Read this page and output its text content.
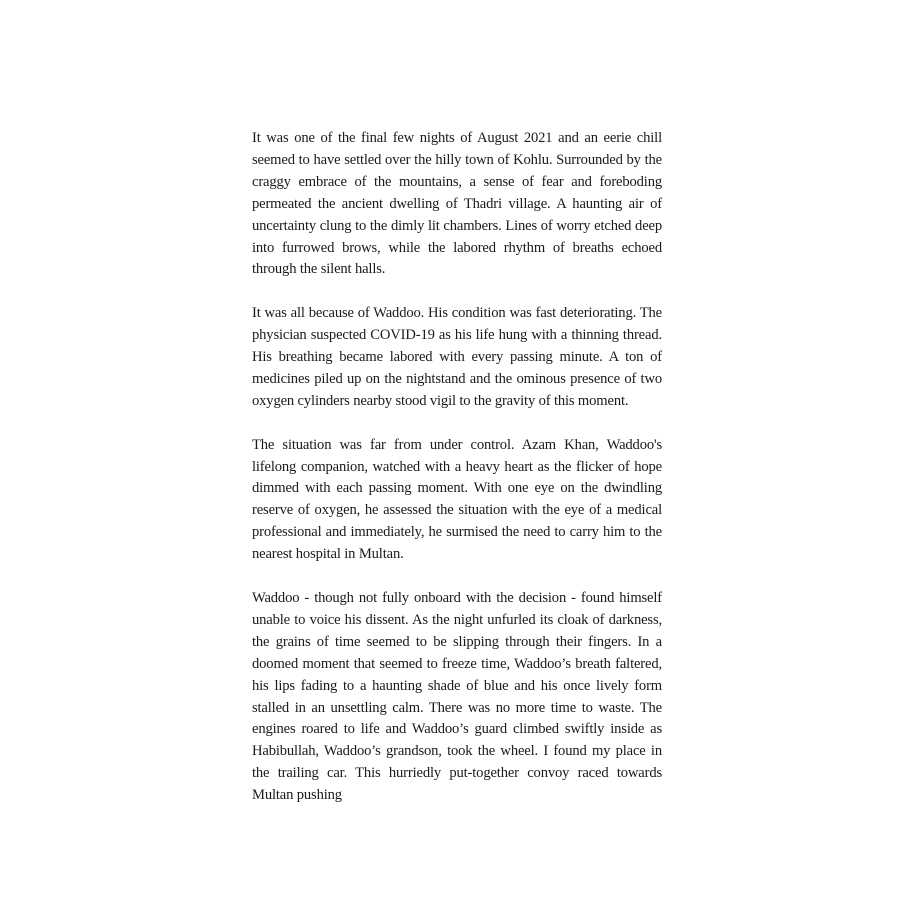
It was one of the final few nights of August 2021 and an eerie chill seemed to have settled over the hilly town of Kohlu. Surrounded by the craggy embrace of the mountains, a sense of fear and foreboding permeated the ancient dwelling of Thadri village. A haunting air of uncertainty clung to the dimly lit chambers. Lines of worry etched deep into furrowed brows, while the labored rhythm of breaths echoed through the silent halls.

It was all because of Waddoo. His condition was fast deteriorating. The physician suspected COVID-19 as his life hung with a thinning thread. His breathing became labored with every passing minute. A ton of medicines piled up on the nightstand and the ominous presence of two oxygen cylinders nearby stood vigil to the gravity of this moment.

The situation was far from under control. Azam Khan, Waddoo's lifelong companion, watched with a heavy heart as the flicker of hope dimmed with each passing moment. With one eye on the dwindling reserve of oxygen, he assessed the situation with the eye of a medical professional and immediately, he surmised the need to carry him to the nearest hospital in Multan.

Waddoo - though not fully onboard with the decision - found himself unable to voice his dissent. As the night unfurled its cloak of darkness, the grains of time seemed to be slipping through their fingers. In a doomed moment that seemed to freeze time, Waddoo’s breath faltered, his lips fading to a haunting shade of blue and his once lively form stalled in an unsettling calm. There was no more time to waste. The engines roared to life and Waddoo’s guard climbed swiftly inside as Habibullah, Waddoo’s grandson, took the wheel. I found my place in the trailing car. This hurriedly put-together convoy raced towards Multan pushing
